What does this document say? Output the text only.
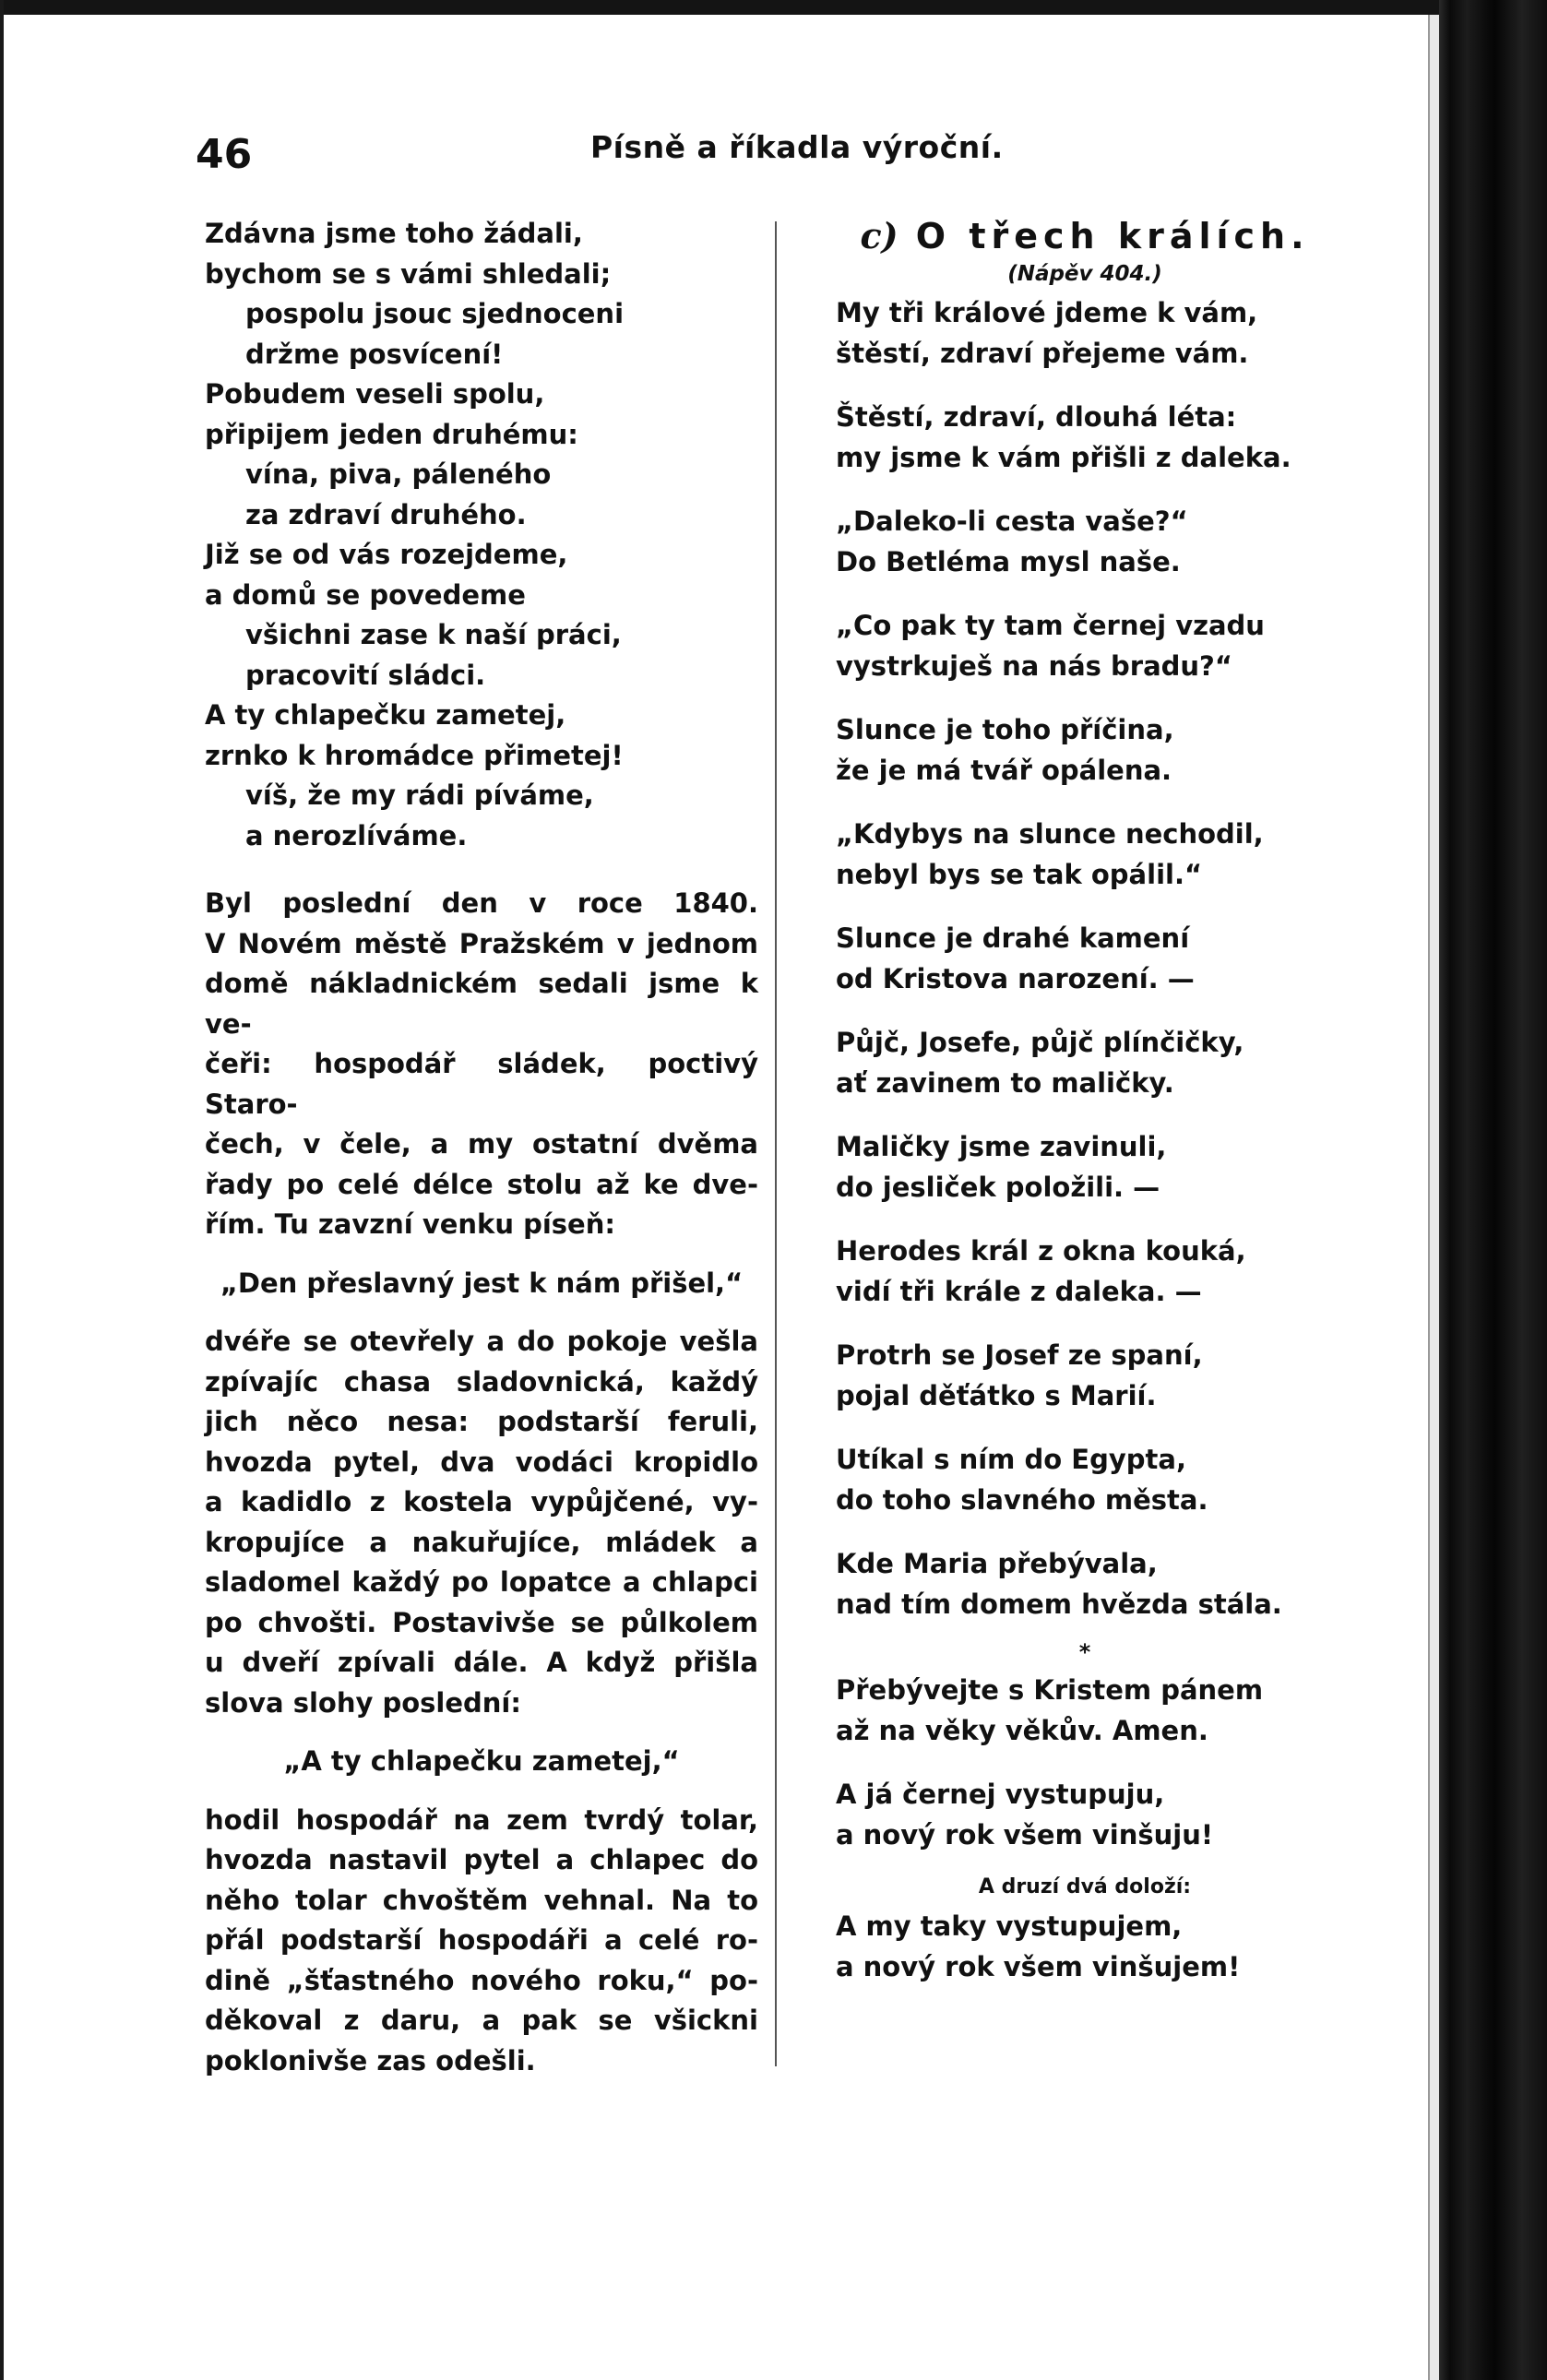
46	Písně a říkadla výroční.
Zdávna jsme toho žádali,
bychom se s vámi shledali;
pospolu jsouc sjednoceni
držme posvícení!
Pobudem veseli spolu,
připijem jeden druhému:
vína, piva, páleného
za zdraví druhého.
Již se od vás rozejdeme,
a domů se povedeme
všichni zase k naší práci,
pracovití sládci.
A ty chlapečku zametej,
zrnko k hromádce přimetej!
víš, že my rádi píváme,
a nerozlíváme.
Byl poslední den v roce 1840.
V Novém městě Pražském v jednom
domě nákladnickém sedali jsme k ve-
čeři: hospodář sládek, poctivý Staro-
čech, v čele, a my ostatní dvěma
řady po celé délce stolu až ke dve-
řím. Tu zavzní venku píseň:
„Den přeslavný jest k nám přišel,“
dvéře se otevřely a do pokoje vešla
zpívajíc chasa sladovnická, každý
jich něco nesa: podstarší feruli,
hvozda pytel, dva vodáci kropidlo
a kadidlo z kostela vypůjčené, vy-
kropujíce a nakuřujíce, mládek a
sladomel každý po lopatce a chlapci
po chvošti. Postavivše se půlkolem
u dveří zpívali dále. A když přišla
slova slohy poslední:
„A ty chlapečku zametej,“
hodil hospodář na zem tvrdý tolar,
hvozda nastavil pytel a chlapec do
něho tolar chvoštěm vehnal. Na to
přál podstarší hospodáři a celé ro-
dině „šťastného nového roku,“ po-
děkoval z daru, a pak se všickni
poklonivše zas odešli.
c) O třech králích.
(Nápěv 404.)
My tři králové jdeme k vám,
štěstí, zdraví přejeme vám.
Štěstí, zdraví, dlouhá léta:
my jsme k vám přišli z daleka.
„Daleko-li cesta vaše?“
Do Betléma mysl naše.
„Co pak ty tam černej vzadu
vystrkuješ na nás bradu?“
Slunce je toho příčina,
že je má tvář opálena.
„Kdybys na slunce nechodil,
nebyl bys se tak opálil.“
Slunce je drahé kamení
od Kristova narození. —
Půjč, Josefe, půjč plínčičky,
ať zavinem to maličky.
Maličky jsme zavinuli,
do jesliček položili. —
Herodes král z okna kouká,
vidí tři krále z daleka. —
Protrh se Josef ze spaní,
pojal děťátko s Marií.
Utíkal s ním do Egypta,
do toho slavného města.
Kde Maria přebývala,
nad tím domem hvězda stála.
*
Přebývejte s Kristem pánem
až na věky věkův. Amen.
A já černej vystupuju,
a nový rok všem vinšuju!
A druzí dvá doloží:
A my taky vystupujem,
a nový rok všem vinšujem!
